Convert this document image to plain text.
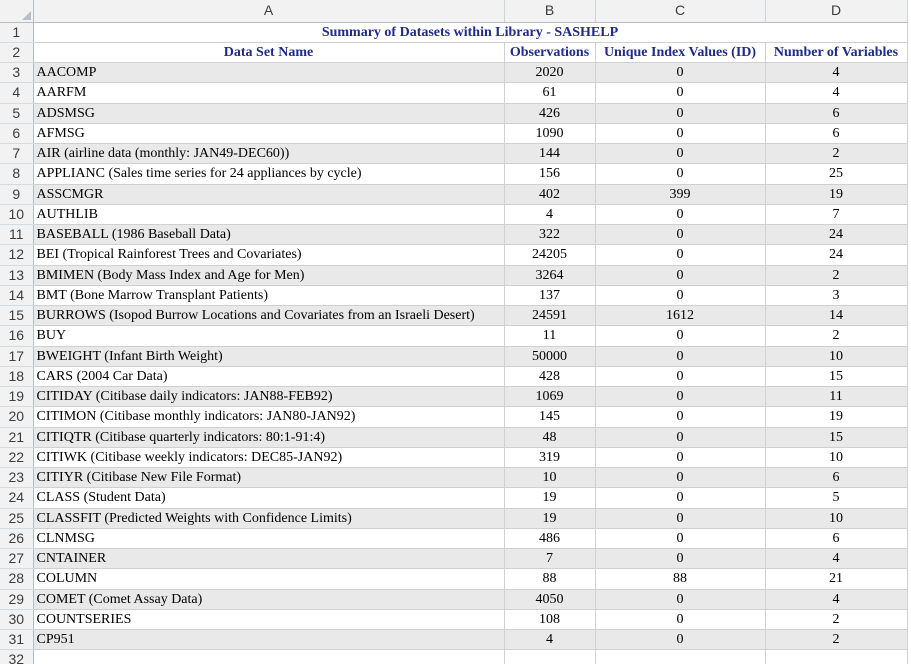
	A	B	C	D
1	Summary of Datasets within Library - SASHELP			
2	Data Set Name	Observations	Unique Index Values (ID)	Number of Variables
3	AACOMP	2020	0	4
4	AARFM	61	0	4
5	ADSMSG	426	0	6
6	AFMSG	1090	0	6
7	AIR (airline data (monthly: JAN49-DEC60))	144	0	2
8	APPLIANC (Sales time series for 24 appliances by cycle)	156	0	25
9	ASSCMGR	402	399	19
10	AUTHLIB	4	0	7
11	BASEBALL (1986 Baseball Data)	322	0	24
12	BEI (Tropical Rainforest Trees and Covariates)	24205	0	24
13	BMIMEN (Body Mass Index and Age for Men)	3264	0	2
14	BMT (Bone Marrow Transplant Patients)	137	0	3
15	BURROWS (Isopod Burrow Locations and Covariates from an Israeli Desert)	24591	1612	14
16	BUY	11	0	2
17	BWEIGHT (Infant Birth Weight)	50000	0	10
18	CARS (2004 Car Data)	428	0	15
19	CITIDAY (Citibase daily indicators: JAN88-FEB92)	1069	0	11
20	CITIMON (Citibase monthly indicators: JAN80-JAN92)	145	0	19
21	CITIQTR (Citibase quarterly indicators: 80:1-91:4)	48	0	15
22	CITIWK (Citibase weekly indicators: DEC85-JAN92)	319	0	10
23	CITIYR (Citibase New File Format)	10	0	6
24	CLASS (Student Data)	19	0	5
25	CLASSFIT (Predicted Weights with Confidence Limits)	19	0	10
26	CLNMSG	486	0	6
27	CNTAINER	7	0	4
28	COLUMN	88	88	21
29	COMET (Comet Assay Data)	4050	0	4
30	COUNTSERIES	108	0	2
31	CP951	4	0	2
32				
